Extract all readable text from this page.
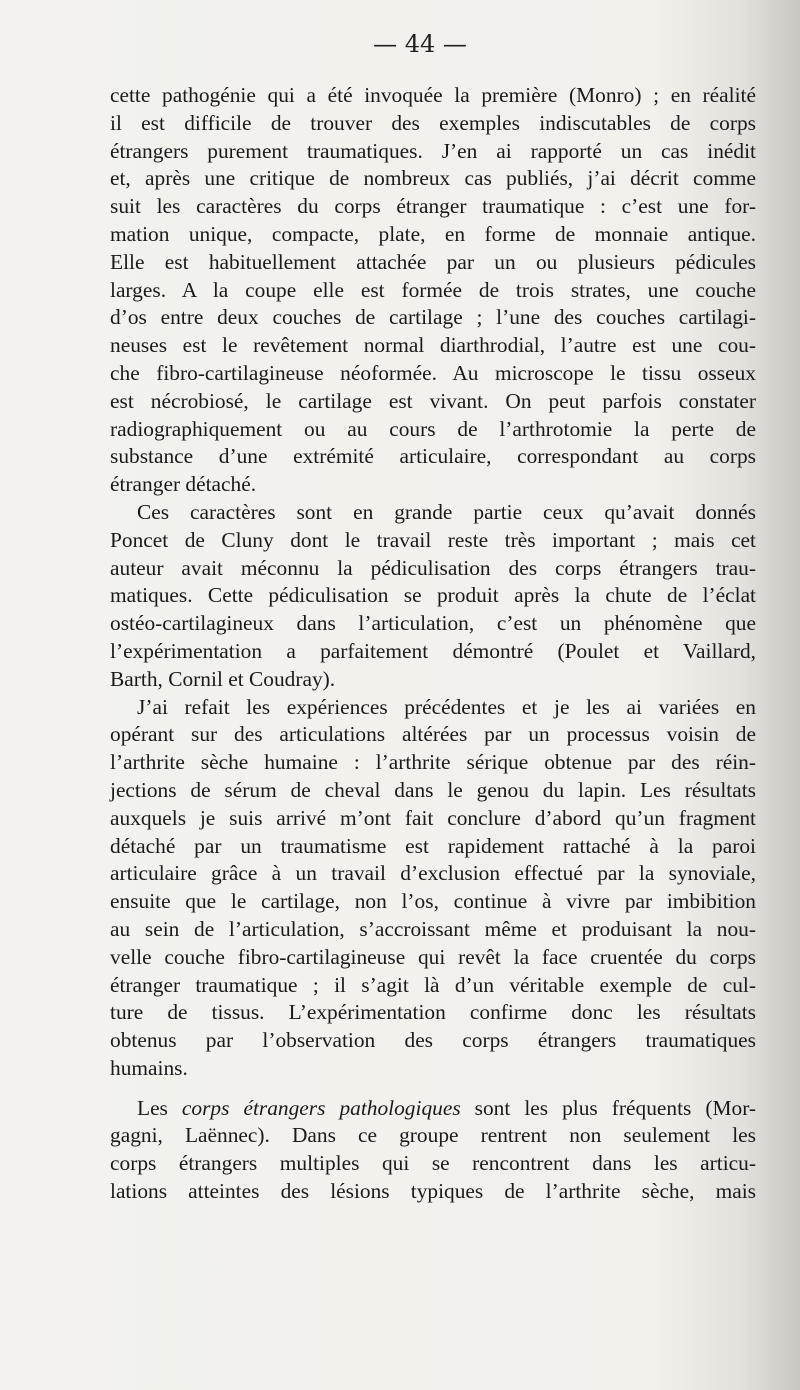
— 44 —

cette pathogénie qui a été invoquée la première (Monro) ; en réalité

il est difficile de trouver des exemples indiscutables de corps

étrangers purement traumatiques. J’en ai rapporté un cas inédit

et, après une critique de nombreux cas publiés, j’ai décrit comme

suit les caractères du corps étranger traumatique : c’est une for-

mation unique, compacte, plate, en forme de monnaie antique.

Elle est habituellement attachée par un ou plusieurs pédicules

larges. A la coupe elle est formée de trois strates, une couche

d’os entre deux couches de cartilage ; l’une des couches cartilagi-

neuses est le revêtement normal diarthrodial, l’autre est une cou-

che fibro-cartilagineuse néoformée. Au microscope le tissu osseux

est nécrobiosé, le cartilage est vivant. On peut parfois constater

radiographiquement ou au cours de l’arthrotomie la perte de

substance d’une extrémité articulaire, correspondant au corps

étranger détaché.

Ces caractères sont en grande partie ceux qu’avait donnés

Poncet de Cluny dont le travail reste très important ; mais cet

auteur avait méconnu la pédiculisation des corps étrangers trau-

matiques. Cette pédiculisation se produit après la chute de l’éclat

ostéo-cartilagineux dans l’articulation, c’est un phénomène que

l’expérimentation a parfaitement démontré (Poulet et Vaillard,

Barth, Cornil et Coudray).

J’ai refait les expériences précédentes et je les ai variées en

opérant sur des articulations altérées par un processus voisin de

l’arthrite sèche humaine : l’arthrite sérique obtenue par des réin-

jections de sérum de cheval dans le genou du lapin. Les résultats

auxquels je suis arrivé m’ont fait conclure d’abord qu’un fragment

détaché par un traumatisme est rapidement rattaché à la paroi

articulaire grâce à un travail d’exclusion effectué par la synoviale,

ensuite que le cartilage, non l’os, continue à vivre par imbibition

au sein de l’articulation, s’accroissant même et produisant la nou-

velle couche fibro-cartilagineuse qui revêt la face cruentée du corps

étranger traumatique ; il s’agit là d’un véritable exemple de cul-

ture de tissus. L’expérimentation confirme donc les résultats

obtenus par l’observation des corps étrangers traumatiques

humains.

Les corps étrangers pathologiques sont les plus fréquents (Mor-

gagni, Laënnec). Dans ce groupe rentrent non seulement les

corps étrangers multiples qui se rencontrent dans les articu-

lations atteintes des lésions typiques de l’arthrite sèche, mais
